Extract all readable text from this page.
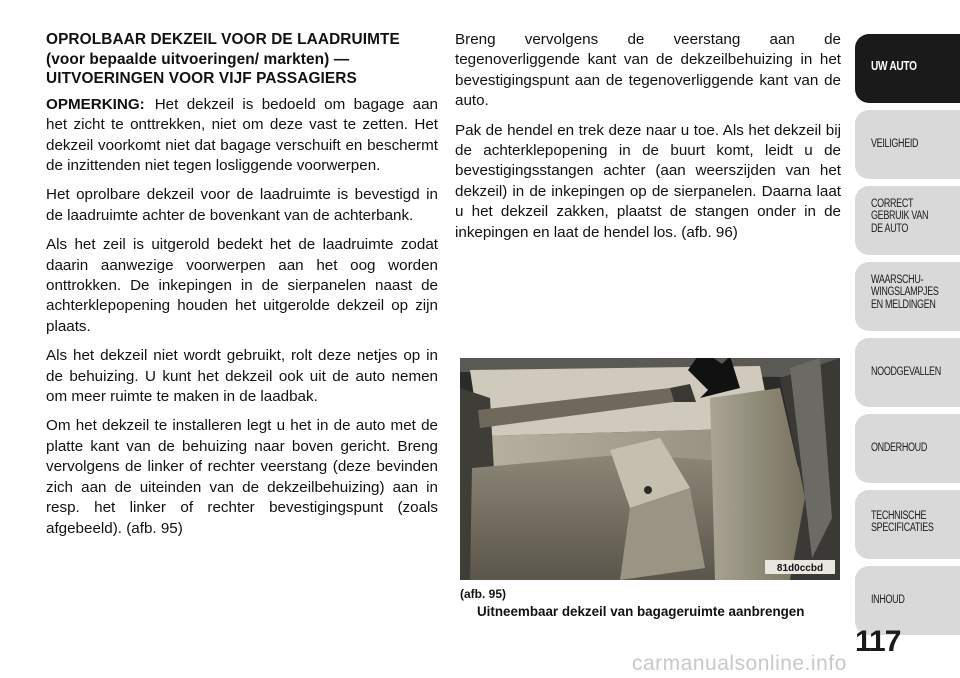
OPROLBAAR DEKZEIL VOOR DE LAADRUIMTE (voor bepaalde uitvoeringen/ markten) — UITVOERINGEN VOOR VIJF PASSAGIERS

OPMERKING: Het dekzeil is bedoeld om bagage aan het zicht te onttrekken, niet om deze vast te zetten. Het dekzeil voorkomt niet dat bagage verschuift en beschermt de inzittenden niet tegen losliggende voorwerpen.

Het oprolbare dekzeil voor de laadruimte is bevestigd in de laadruimte achter de bovenkant van de achterbank.

Als het zeil is uitgerold bedekt het de laadruimte zodat daarin aanwezige voorwerpen aan het oog worden onttrokken. De inkepingen in de sierpanelen naast de achterklepopening houden het uitgerolde dekzeil op zijn plaats.

Als het dekzeil niet wordt gebruikt, rolt deze netjes op in de behuizing. U kunt het dekzeil ook uit de auto nemen om meer ruimte te maken in de laadbak.

Om het dekzeil te installeren legt u het in de auto met de platte kant van de behuizing naar boven gericht. Breng vervolgens de linker of rechter veerstang (deze bevinden zich aan de uiteinden van de dekzeilbehuizing) aan in resp. het linker of rechter bevestigingspunt (zoals afgebeeld). (afb. 95)

Breng vervolgens de veerstang aan de tegenoverliggende kant van de dekzeilbehuizing in het bevestigingspunt aan de tegenoverliggende kant van de auto.

Pak de hendel en trek deze naar u toe. Als het dekzeil bij de achterklepopening in de buurt komt, leidt u de bevestigingsstangen achter (aan weerszijden van het dekzeil) in de inkepingen op de sierpanelen. Daarna laat u het dekzeil zakken, plaatst de stangen onder in de inkepingen en laat de hendel los. (afb. 96)

81d0ccbd
(afb. 95)
Uitneembaar dekzeil van bagageruimte aanbrengen
UW AUTO
VEILIGHEID
CORRECT
GEBRUIK VAN
DE AUTO
WAARSCHU-
WINGSLAMPJES
EN MELDINGEN
NOODGEVALLEN
ONDERHOUD
TECHNISCHE
SPECIFICATIES
INHOUD
117
carmanualsonline.info
